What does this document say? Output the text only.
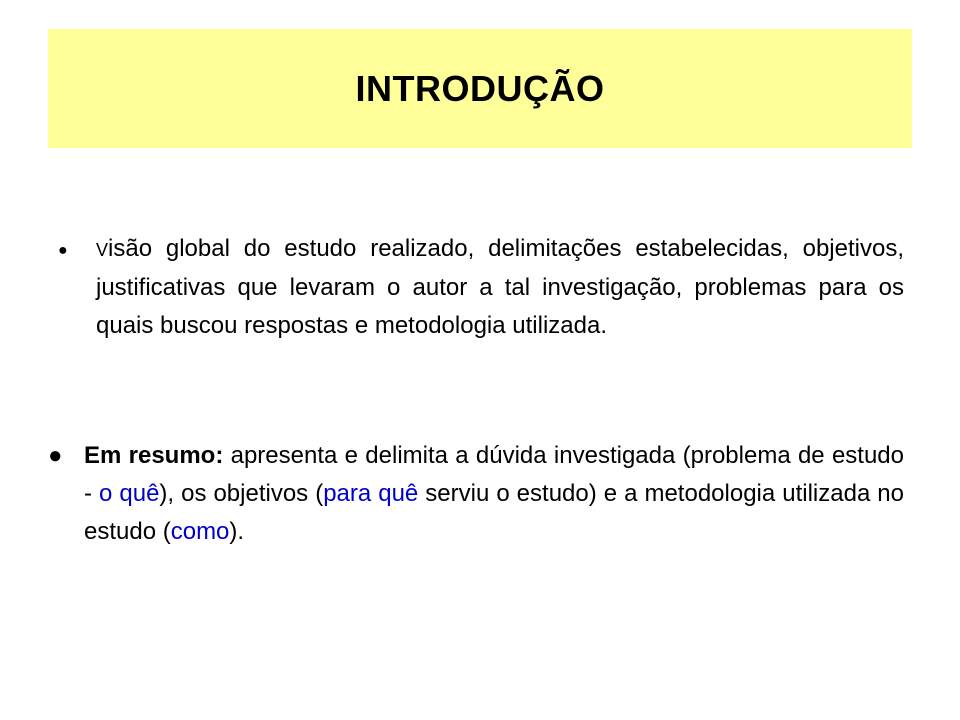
INTRODUÇÃO
● Visão global do estudo realizado, delimitações estabelecidas, objetivos, justificativas que levaram o autor a tal investigação, problemas para os quais buscou respostas e metodologia utilizada.
● Em resumo: apresenta e delimita a dúvida investigada (problema de estudo - o quê), os objetivos (para quê serviu o estudo) e a metodologia utilizada no estudo (como).
